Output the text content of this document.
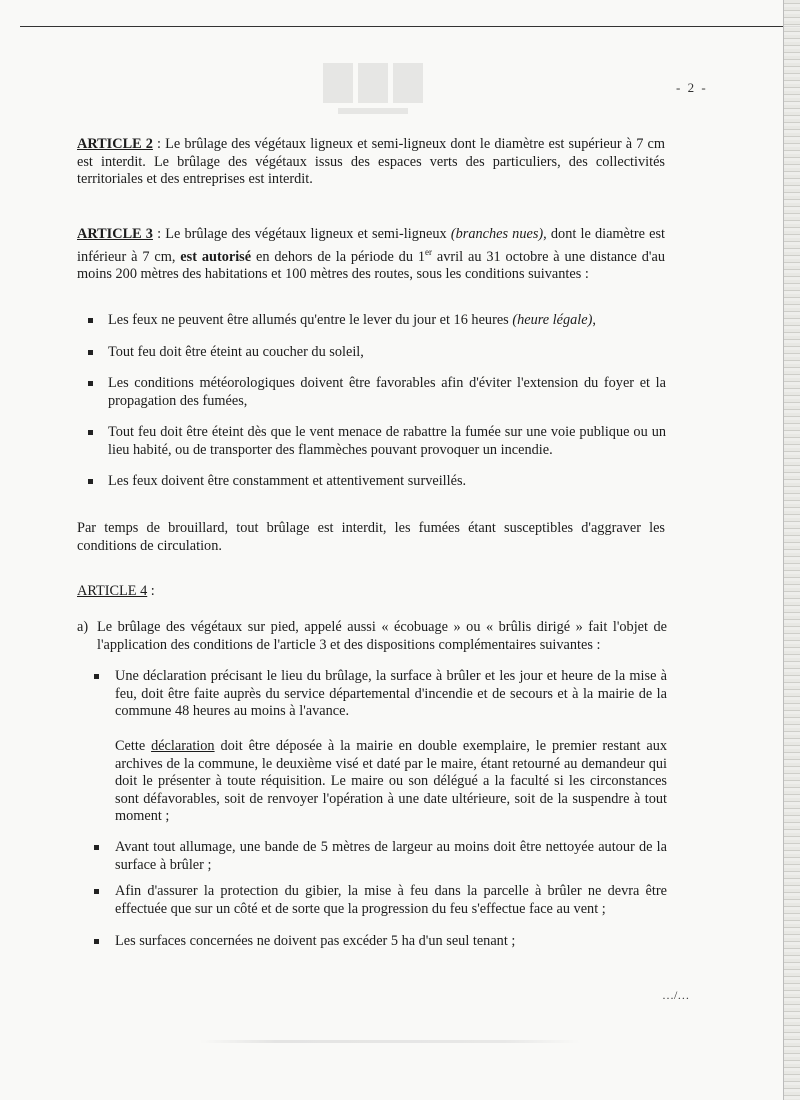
- 2 -
ARTICLE 2 : Le brûlage des végétaux ligneux et semi-ligneux dont le diamètre est supérieur à 7 cm est interdit. Le brûlage des végétaux issus des espaces verts des particuliers, des collectivités territoriales et des entreprises est interdit.
ARTICLE 3 : Le brûlage des végétaux ligneux et semi-ligneux (branches nues), dont le diamètre est inférieur à 7 cm, est autorisé en dehors de la période du 1er avril au 31 octobre à une distance d'au moins 200 mètres des habitations et 100 mètres des routes, sous les conditions suivantes :
Les feux ne peuvent être allumés qu'entre le lever du jour et 16 heures (heure légale),
Tout feu doit être éteint au coucher du soleil,
Les conditions météorologiques doivent être favorables afin d'éviter l'extension du foyer et la propagation des fumées,
Tout feu doit être éteint dès que le vent menace de rabattre la fumée sur une voie publique ou un lieu habité, ou de transporter des flammèches pouvant provoquer un incendie.
Les feux doivent être constamment et attentivement surveillés.
Par temps de brouillard, tout brûlage est interdit, les fumées étant susceptibles d'aggraver les conditions de circulation.
ARTICLE 4 :
a) Le brûlage des végétaux sur pied, appelé aussi « écobuage » ou « brûlis dirigé » fait l'objet de l'application des conditions de l'article 3 et des dispositions complémentaires suivantes :
Une déclaration précisant le lieu du brûlage, la surface à brûler et les jour et heure de la mise à feu, doit être faite auprès du service départemental d'incendie et de secours et à la mairie de la commune 48 heures au moins à l'avance.
Cette déclaration doit être déposée à la mairie en double exemplaire, le premier restant aux archives de la commune, le deuxième visé et daté par le maire, étant retourné au demandeur qui doit le présenter à toute réquisition. Le maire ou son délégué a la faculté si les circonstances sont défavorables, soit de renvoyer l'opération à une date ultérieure, soit de la suspendre à tout moment ;
Avant tout allumage, une bande de 5 mètres de largeur au moins doit être nettoyée autour de la surface à brûler ;
Afin d'assurer la protection du gibier, la mise à feu dans la parcelle à brûler ne devra être effectuée que sur un côté et de sorte que la progression du feu s'effectue face au vent ;
Les surfaces concernées ne doivent pas excéder 5 ha d'un seul tenant ;
…/…
